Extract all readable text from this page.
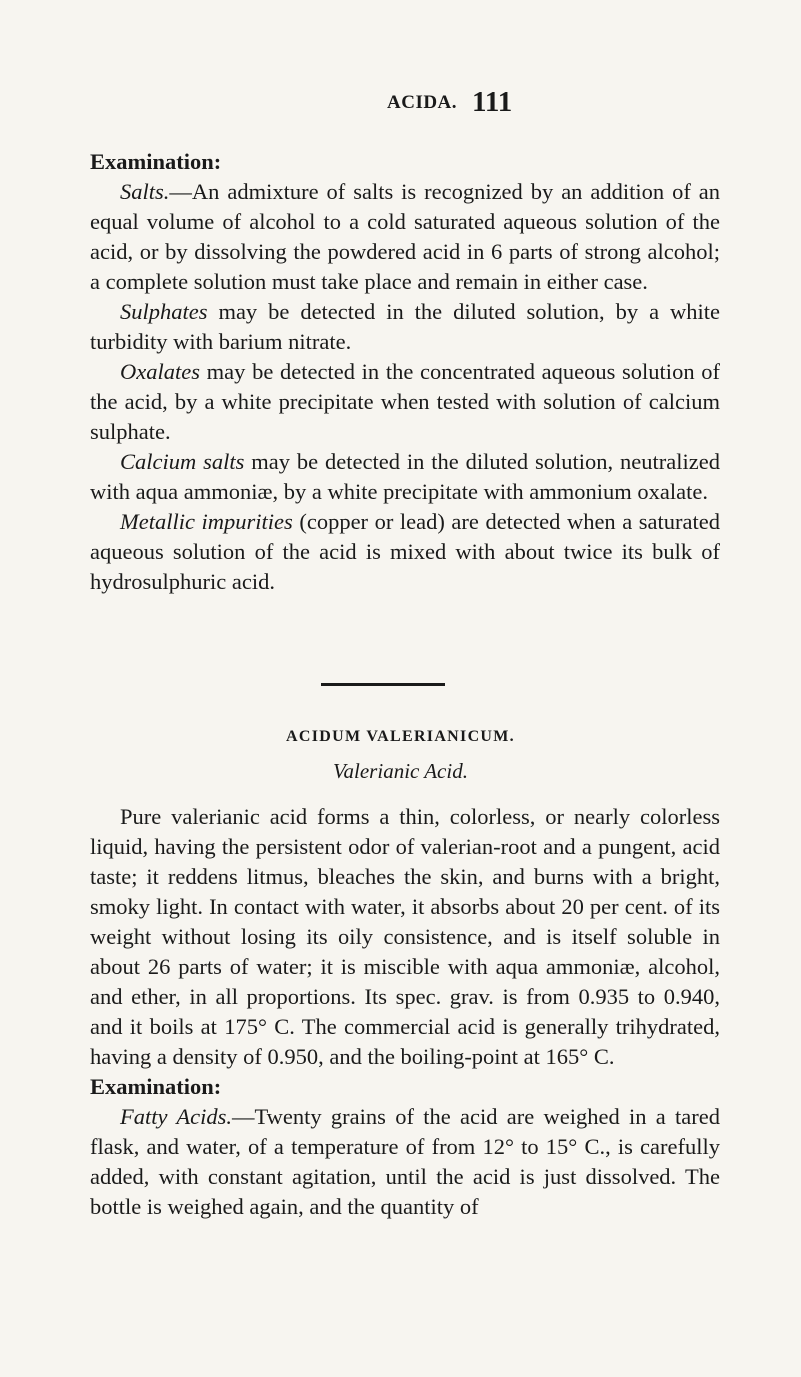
ACIDA. 111

Examination:

Salts.—An admixture of salts is recognized by an addition of an equal volume of alcohol to a cold saturated aqueous solution of the acid, or by dissolving the powdered acid in 6 parts of strong alcohol; a complete solution must take place and remain in either case.

Sulphates may be detected in the diluted solution, by a white turbidity with barium nitrate.

Oxalates may be detected in the concentrated aqueous solution of the acid, by a white precipitate when tested with solution of calcium sulphate.

Calcium salts may be detected in the diluted solution, neutralized with aqua ammoniæ, by a white precipitate with ammonium oxalate.

Metallic impurities (copper or lead) are detected when a saturated aqueous solution of the acid is mixed with about twice its bulk of hydrosulphuric acid.

ACIDUM VALERIANICUM.
Valerianic Acid.

Pure valerianic acid forms a thin, colorless, or nearly colorless liquid, having the persistent odor of valerian-root and a pungent, acid taste; it reddens litmus, bleaches the skin, and burns with a bright, smoky light. In contact with water, it absorbs about 20 per cent. of its weight without losing its oily consistence, and is itself soluble in about 26 parts of water; it is miscible with aqua ammoniæ, alcohol, and ether, in all proportions. Its spec. grav. is from 0.935 to 0.940, and it boils at 175° C. The commercial acid is generally trihydrated, having a density of 0.950, and the boiling-point at 165° C.

Examination:

Fatty Acids.—Twenty grains of the acid are weighed in a tared flask, and water, of a temperature of from 12° to 15° C., is carefully added, with constant agitation, until the acid is just dissolved. The bottle is weighed again, and the quantity of
